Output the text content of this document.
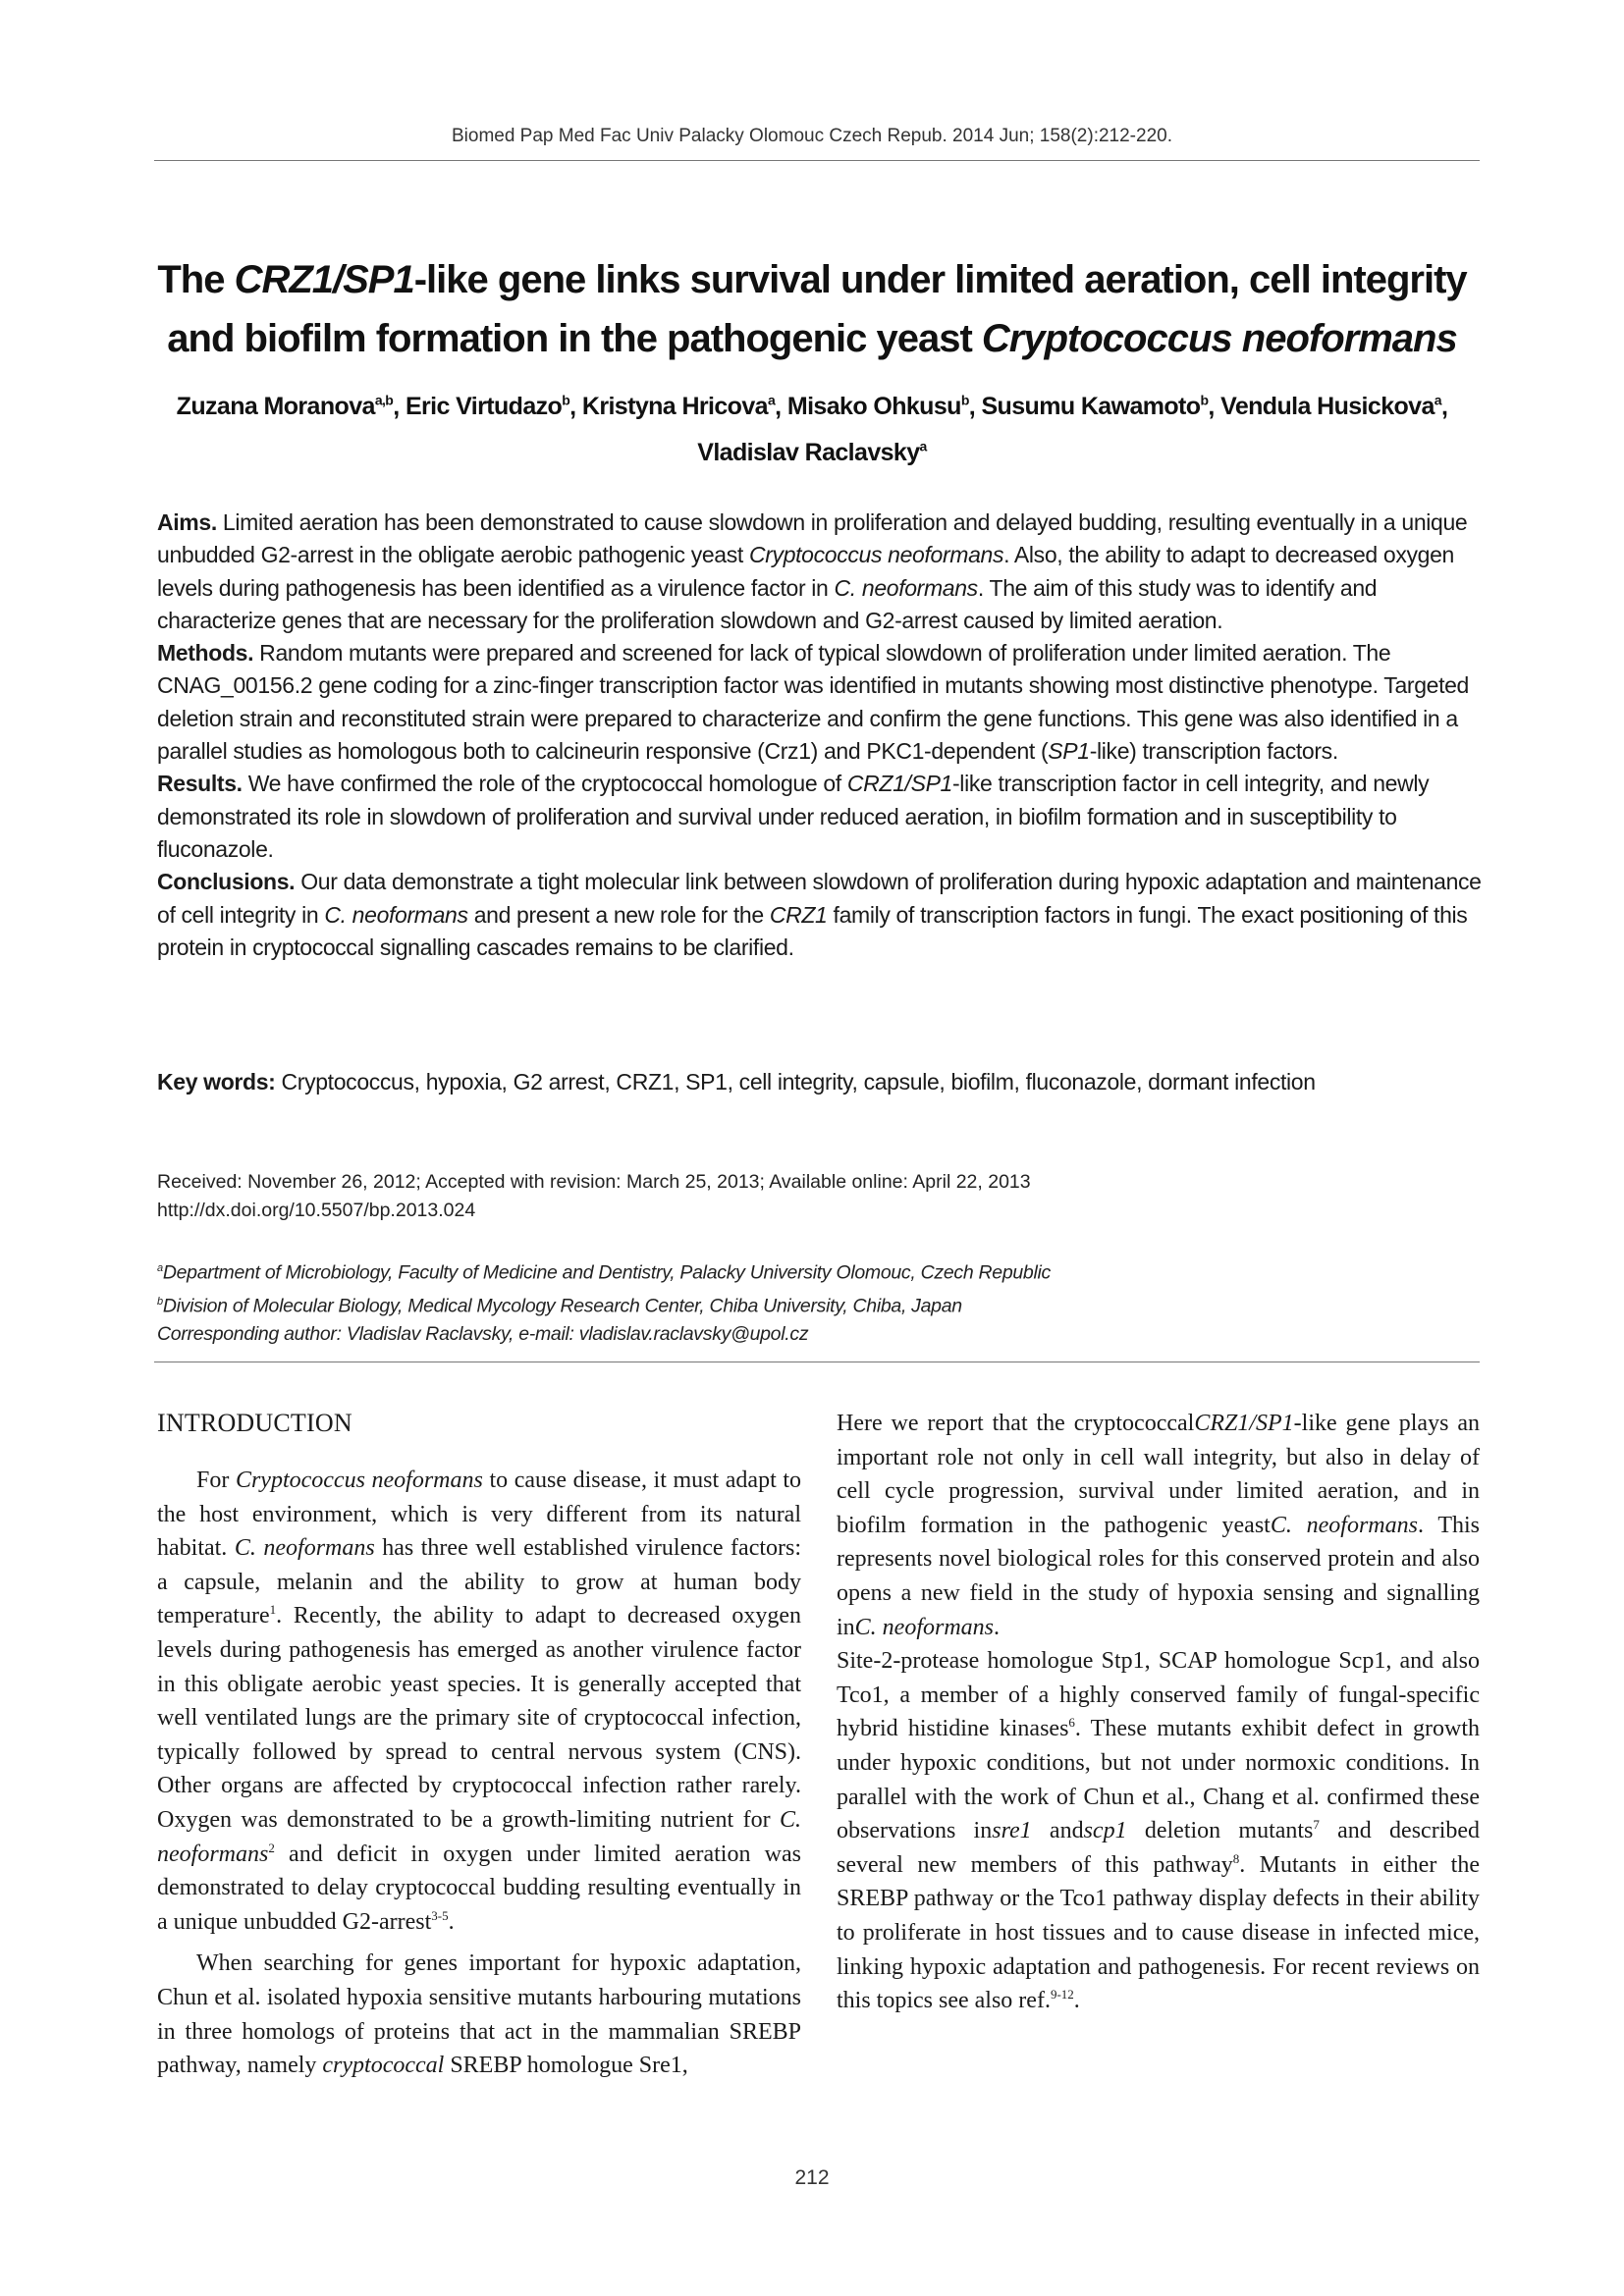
Biomed Pap Med Fac Univ Palacky Olomouc Czech Repub. 2014 Jun; 158(2):212-220.
The CRZ1/SP1-like gene links survival under limited aeration, cell integrity and biofilm formation in the pathogenic yeast Cryptococcus neoformans

Zuzana Moranova$^{a,b}$, Eric Virtudazo$^b$, Kristyna Hricova$^a$, Misako Ohkusu$^b$, Susumu Kawamoto$^b$, Vendula Husickova$^a$,
Vladislav Raclavsky$^a$

Aims. Limited aeration has been demonstrated to cause slowdown in proliferation and delayed budding, resulting eventually in a unique unbudded G2-arrest in the obligate aerobic pathogenic yeast Cryptococcus neoformans. Also, the ability to adapt to decreased oxygen levels during pathogenesis has been identified as a virulence factor in C. neoformans. The aim of this study was to identify and characterize genes that are necessary for the proliferation slowdown and G2-arrest caused by limited aeration.

Methods. Random mutants were prepared and screened for lack of typical slowdown of proliferation under limited aeration. The CNAG_00156.2 gene coding for a zinc-finger transcription factor was identified in mutants showing most distinctive phenotype. Targeted deletion strain and reconstituted strain were prepared to characterize and confirm the gene functions. This gene was also identified in a parallel studies as homologous both to calcineurin responsive (Crz1) and PKC1-dependent (SP1-like) transcription factors.

Results. We have confirmed the role of the cryptococcal homologue of CRZ1/SP1-like transcription factor in cell integrity, and newly demonstrated its role in slowdown of proliferation and survival under reduced aeration, in biofilm formation and in susceptibility to fluconazole.

Conclusions. Our data demonstrate a tight molecular link between slowdown of proliferation during hypoxic adaptation and maintenance of cell integrity in C. neoformans and present a new role for the CRZ1 family of transcription factors in fungi. The exact positioning of this protein in cryptococcal signalling cascades remains to be clarified.

Key words: Cryptococcus, hypoxia, G2 arrest, CRZ1, SP1, cell integrity, capsule, biofilm, fluconazole, dormant infection

Received: November 26, 2012; Accepted with revision: March 25, 2013; Available online: April 22, 2013

http://dx.doi.org/10.5507/bp.2013.024

$^a$Department of Microbiology, Faculty of Medicine and Dentistry, Palacky University Olomouc, Czech Republic

$^b$Division of Molecular Biology, Medical Mycology Research Center, Chiba University, Chiba, Japan

Corresponding author: Vladislav Raclavsky, e-mail: vladislav.raclavsky@upol.cz

INTRODUCTION

For Cryptococcus neoformans to cause disease, it must adapt to the host environment, which is very different from its natural habitat. C. neoformans has three well established virulence factors: a capsule, melanin and the ability to grow at human body temperature$^1$. Recently, the ability to adapt to decreased oxygen levels during pathogenesis has emerged as another virulence factor in this obligate aerobic yeast species. It is generally accepted that well ventilated lungs are the primary site of cryptococcal infection, typically followed by spread to central nervous system (CNS). Other organs are affected by cryptococcal infection rather rarely. Oxygen was demonstrated to be a growth-limiting nutrient for C. neoformans$^2$ and deficit in oxygen under limited aeration was demonstrated to delay cryptococcal budding resulting eventually in a unique unbudded G2-arrest$^{3-5}$.

When searching for genes important for hypoxic adaptation, Chun et al. isolated hypoxia sensitive mutants harbouring mutations in three homologs of proteins that act in the mammalian SREBP pathway, namely cryptococcal SREBP homologue Sre1,

Here we report that the cryptococcalCRZ1/SP1-like gene plays an important role not only in cell wall integrity, but also in delay of cell cycle progression, survival under limited aeration, and in biofilm formation in the pathogenic yeastC. neoformans. This represents novel biological roles for this conserved protein and also opens a new field in the study of hypoxia sensing and signalling inC. neoformans.

Site-2-protease homologue Stp1, SCAP homologue Scp1, and also Tco1, a member of a highly conserved family of fungal-specific hybrid histidine kinases$^6$. These mutants exhibit defect in growth under hypoxic conditions, but not under normoxic conditions. In parallel with the work of Chun et al., Chang et al. confirmed these observations insre1 andscp1 deletion mutants$^7$ and described several new members of this pathway$^8$. Mutants in either the SREBP pathway or the Tco1 pathway display defects in their ability to proliferate in host tissues and to cause disease in infected mice, linking hypoxic adaptation and pathogenesis. For recent reviews on this topics see also ref.$^{9-12}$.

212
